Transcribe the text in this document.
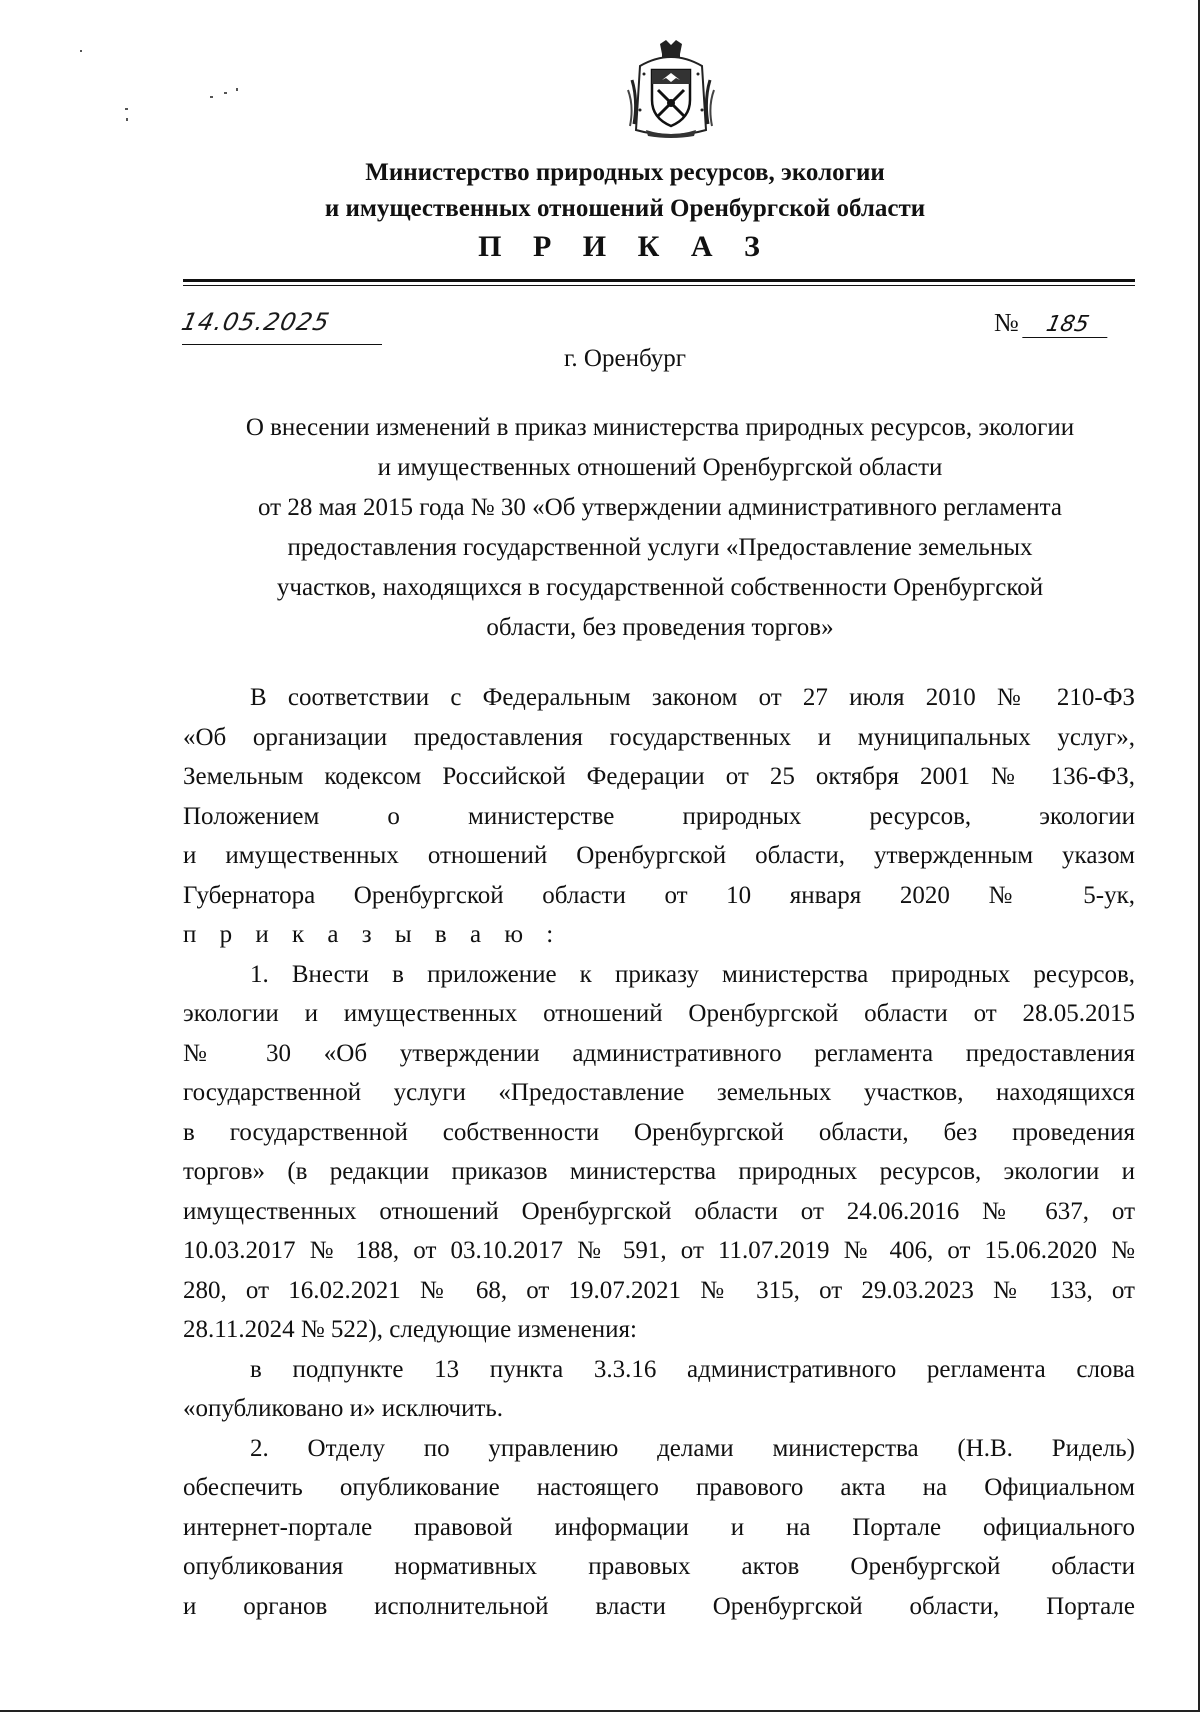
Министерство природных ресурсов, экологии
и имущественных отношений Оренбургской области
П Р И К А З
14.05.2025	№ 185
г. Оренбург
О внесении изменений в приказ министерства природных ресурсов, экологии
и имущественных отношений Оренбургской области
от 28 мая 2015 года № 30 «Об утверждении административного регламента
предоставления государственной услуги «Предоставление земельных
участков, находящихся в государственной собственности Оренбургской
области, без проведения торгов»
В соответствии с Федеральным законом от 27 июля 2010 № 210-ФЗ
«Об организации предоставления государственных и муниципальных услуг»,
Земельным кодексом Российской Федерации от 25 октября 2001 № 136-ФЗ,
Положением о министерстве природных ресурсов, экологии
и имущественных отношений Оренбургской области, утвержденным указом
Губернатора Оренбургской области от 10 января 2020 № 5-ук,
п р и к а з ы в а ю :
1. Внести в приложение к приказу министерства природных ресурсов,
экологии и имущественных отношений Оренбургской области от 28.05.2015
№ 30 «Об утверждении административного регламента предоставления
государственной услуги «Предоставление земельных участков, находящихся
в государственной собственности Оренбургской области, без проведения
торгов» (в редакции приказов министерства природных ресурсов, экологии и
имущественных отношений Оренбургской области от 24.06.2016 № 637, от
10.03.2017 № 188, от 03.10.2017 № 591, от 11.07.2019 № 406, от 15.06.2020 №
280, от 16.02.2021 № 68, от 19.07.2021 № 315, от 29.03.2023 № 133, от
28.11.2024 № 522), следующие изменения:
в подпункте 13 пункта 3.3.16 административного регламента слова
«опубликовано и» исключить.
2. Отделу по управлению делами министерства (Н.В. Ридель)
обеспечить опубликование настоящего правового акта на Официальном
интернет-портале правовой информации и на Портале официального
опубликования нормативных правовых актов Оренбургской области
и органов исполнительной власти Оренбургской области, Портале
